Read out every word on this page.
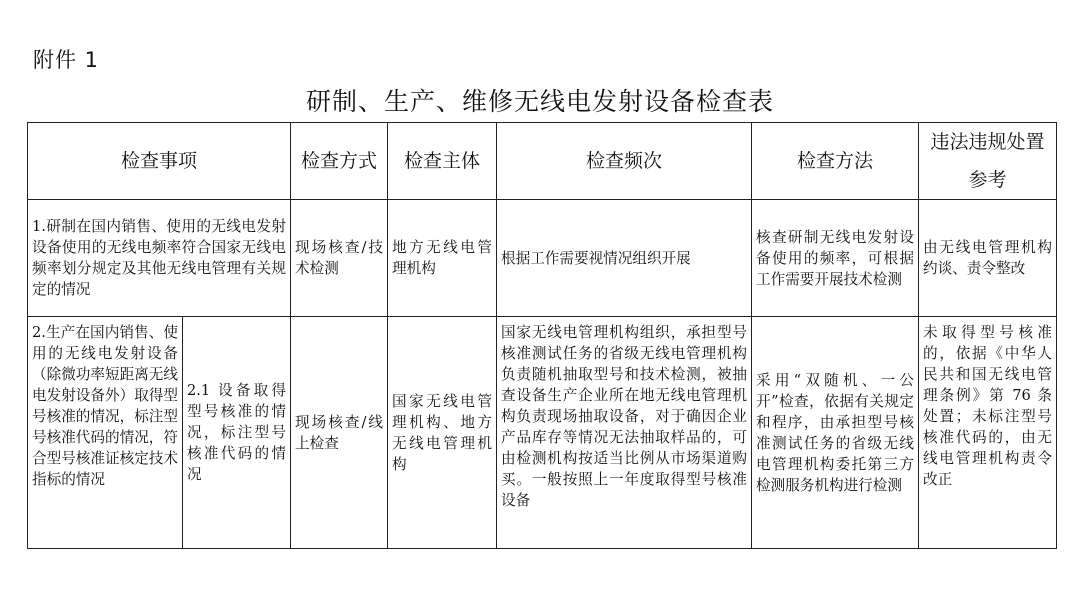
附件 1
研制、生产、维修无线电发射设备检查表
检查事项		检查方式	检查主体	检查频次	检查方法	违法违规处置参考
1.研制在国内销售、使用的无线电发射设备使用的无线电频率符合国家无线电频率划分规定及其他无线电管理有关规定的情况		现场核查/技术检测	地方无线电管理机构	根据工作需要视情况组织开展	核查研制无线电发射设备使用的频率，可根据工作需要开展技术检测	由无线电管理机构约谈、责令整改

2.生产在国内销售、使用的无线电发射设备（除微功率短距离无线电发射设备外）取得型号核准的情况，标注型号核准代码的情况，符合型号核准证核定技术指标的情况	2.1 设备取得型号核准的情况，标注型号核准代码的情况	现场核查/线上检查	国家无线电管理机构、地方无线电管理机构	国家无线电管理机构组织，承担型号核准测试任务的省级无线电管理机构负责随机抽取型号和技术检测，被抽查设备生产企业所在地无线电管理机构负责现场抽取设备，对于确因企业产品库存等情况无法抽取样品的，可由检测机构按适当比例从市场渠道购买。一般按照上一年度取得型号核准设备	采用“双随机、一公开”检查，依据有关规定和程序，由承担型号核准测试任务的省级无线电管理机构委托第三方检测服务机构进行检测	未取得型号核准的，依据《中华人民共和国无线电管理条例》第 76 条处置；未标注型号核准代码的，由无线电管理机构责令改正
